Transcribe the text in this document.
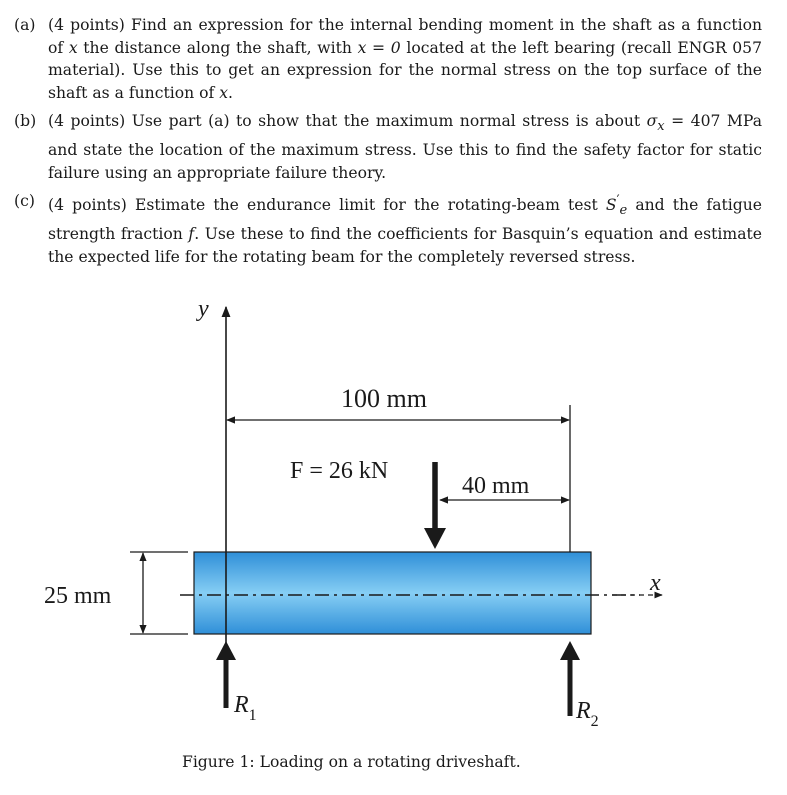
(a) (4 points) Find an expression for the internal bending moment in the shaft as a function of x the distance along the shaft, with x = 0 located at the left bearing (recall ENGR 057 material). Use this to get an expression for the normal stress on the top surface of the shaft as a function of x.
(b) (4 points) Use part (a) to show that the maximum normal stress is about $\sigma_x = 407$ MPa and state the location of the maximum stress. Use this to find the safety factor for static failure using an appropriate failure theory.
(c) (4 points) Estimate the endurance limit for the rotating-beam test $S'_e$ and the fatigue strength fraction f. Use these to find the coefficients for Basquin’s equation and estimate the expected life for the rotating beam for the completely reversed stress.
x
y
100 mm
F = 26 kN
40 mm
25 mm
$R_1$	$R_2$
Figure 1: Loading on a rotating driveshaft.
